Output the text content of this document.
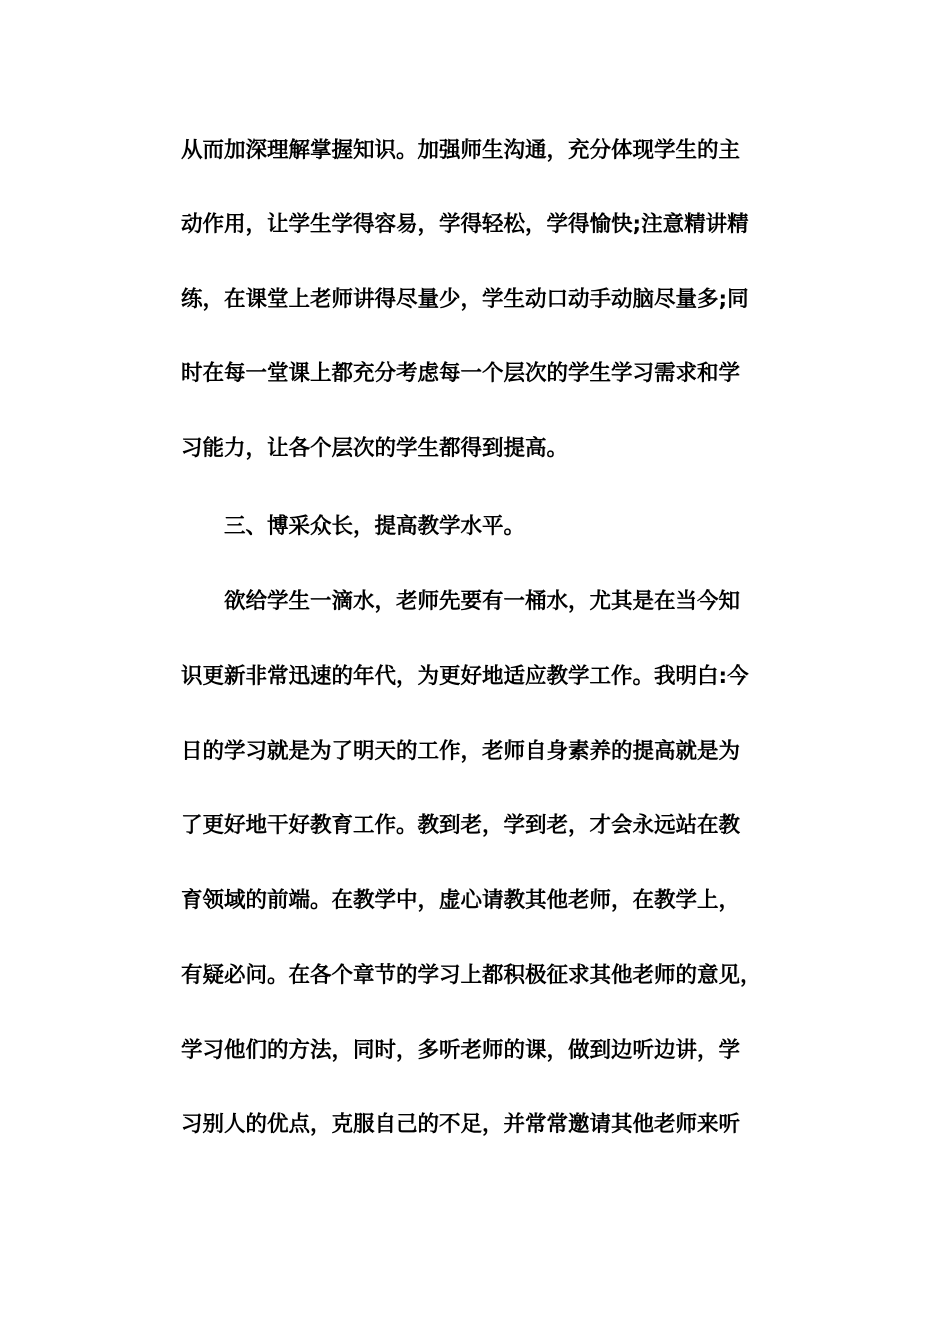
从而加深理解掌握知识。加强师生沟通，充分体现学生的主
动作用，让学生学得容易，学得轻松，学得愉快;注意精讲精
练，在课堂上老师讲得尽量少，学生动口动手动脑尽量多;同
时在每一堂课上都充分考虑每一个层次的学生学习需求和学
习能力，让各个层次的学生都得到提高。
三、博采众长，提高教学水平。
欲给学生一滴水，老师先要有一桶水，尤其是在当今知
识更新非常迅速的年代，为更好地适应教学工作。我明白:今
日的学习就是为了明天的工作，老师自身素养的提高就是为
了更好地干好教育工作。教到老，学到老，才会永远站在教
育领域的前端。在教学中，虚心请教其他老师，在教学上，
有疑必问。在各个章节的学习上都积极征求其他老师的意见，
学习他们的方法，同时，多听老师的课，做到边听边讲，学
习别人的优点，克服自己的不足，并常常邀请其他老师来听
